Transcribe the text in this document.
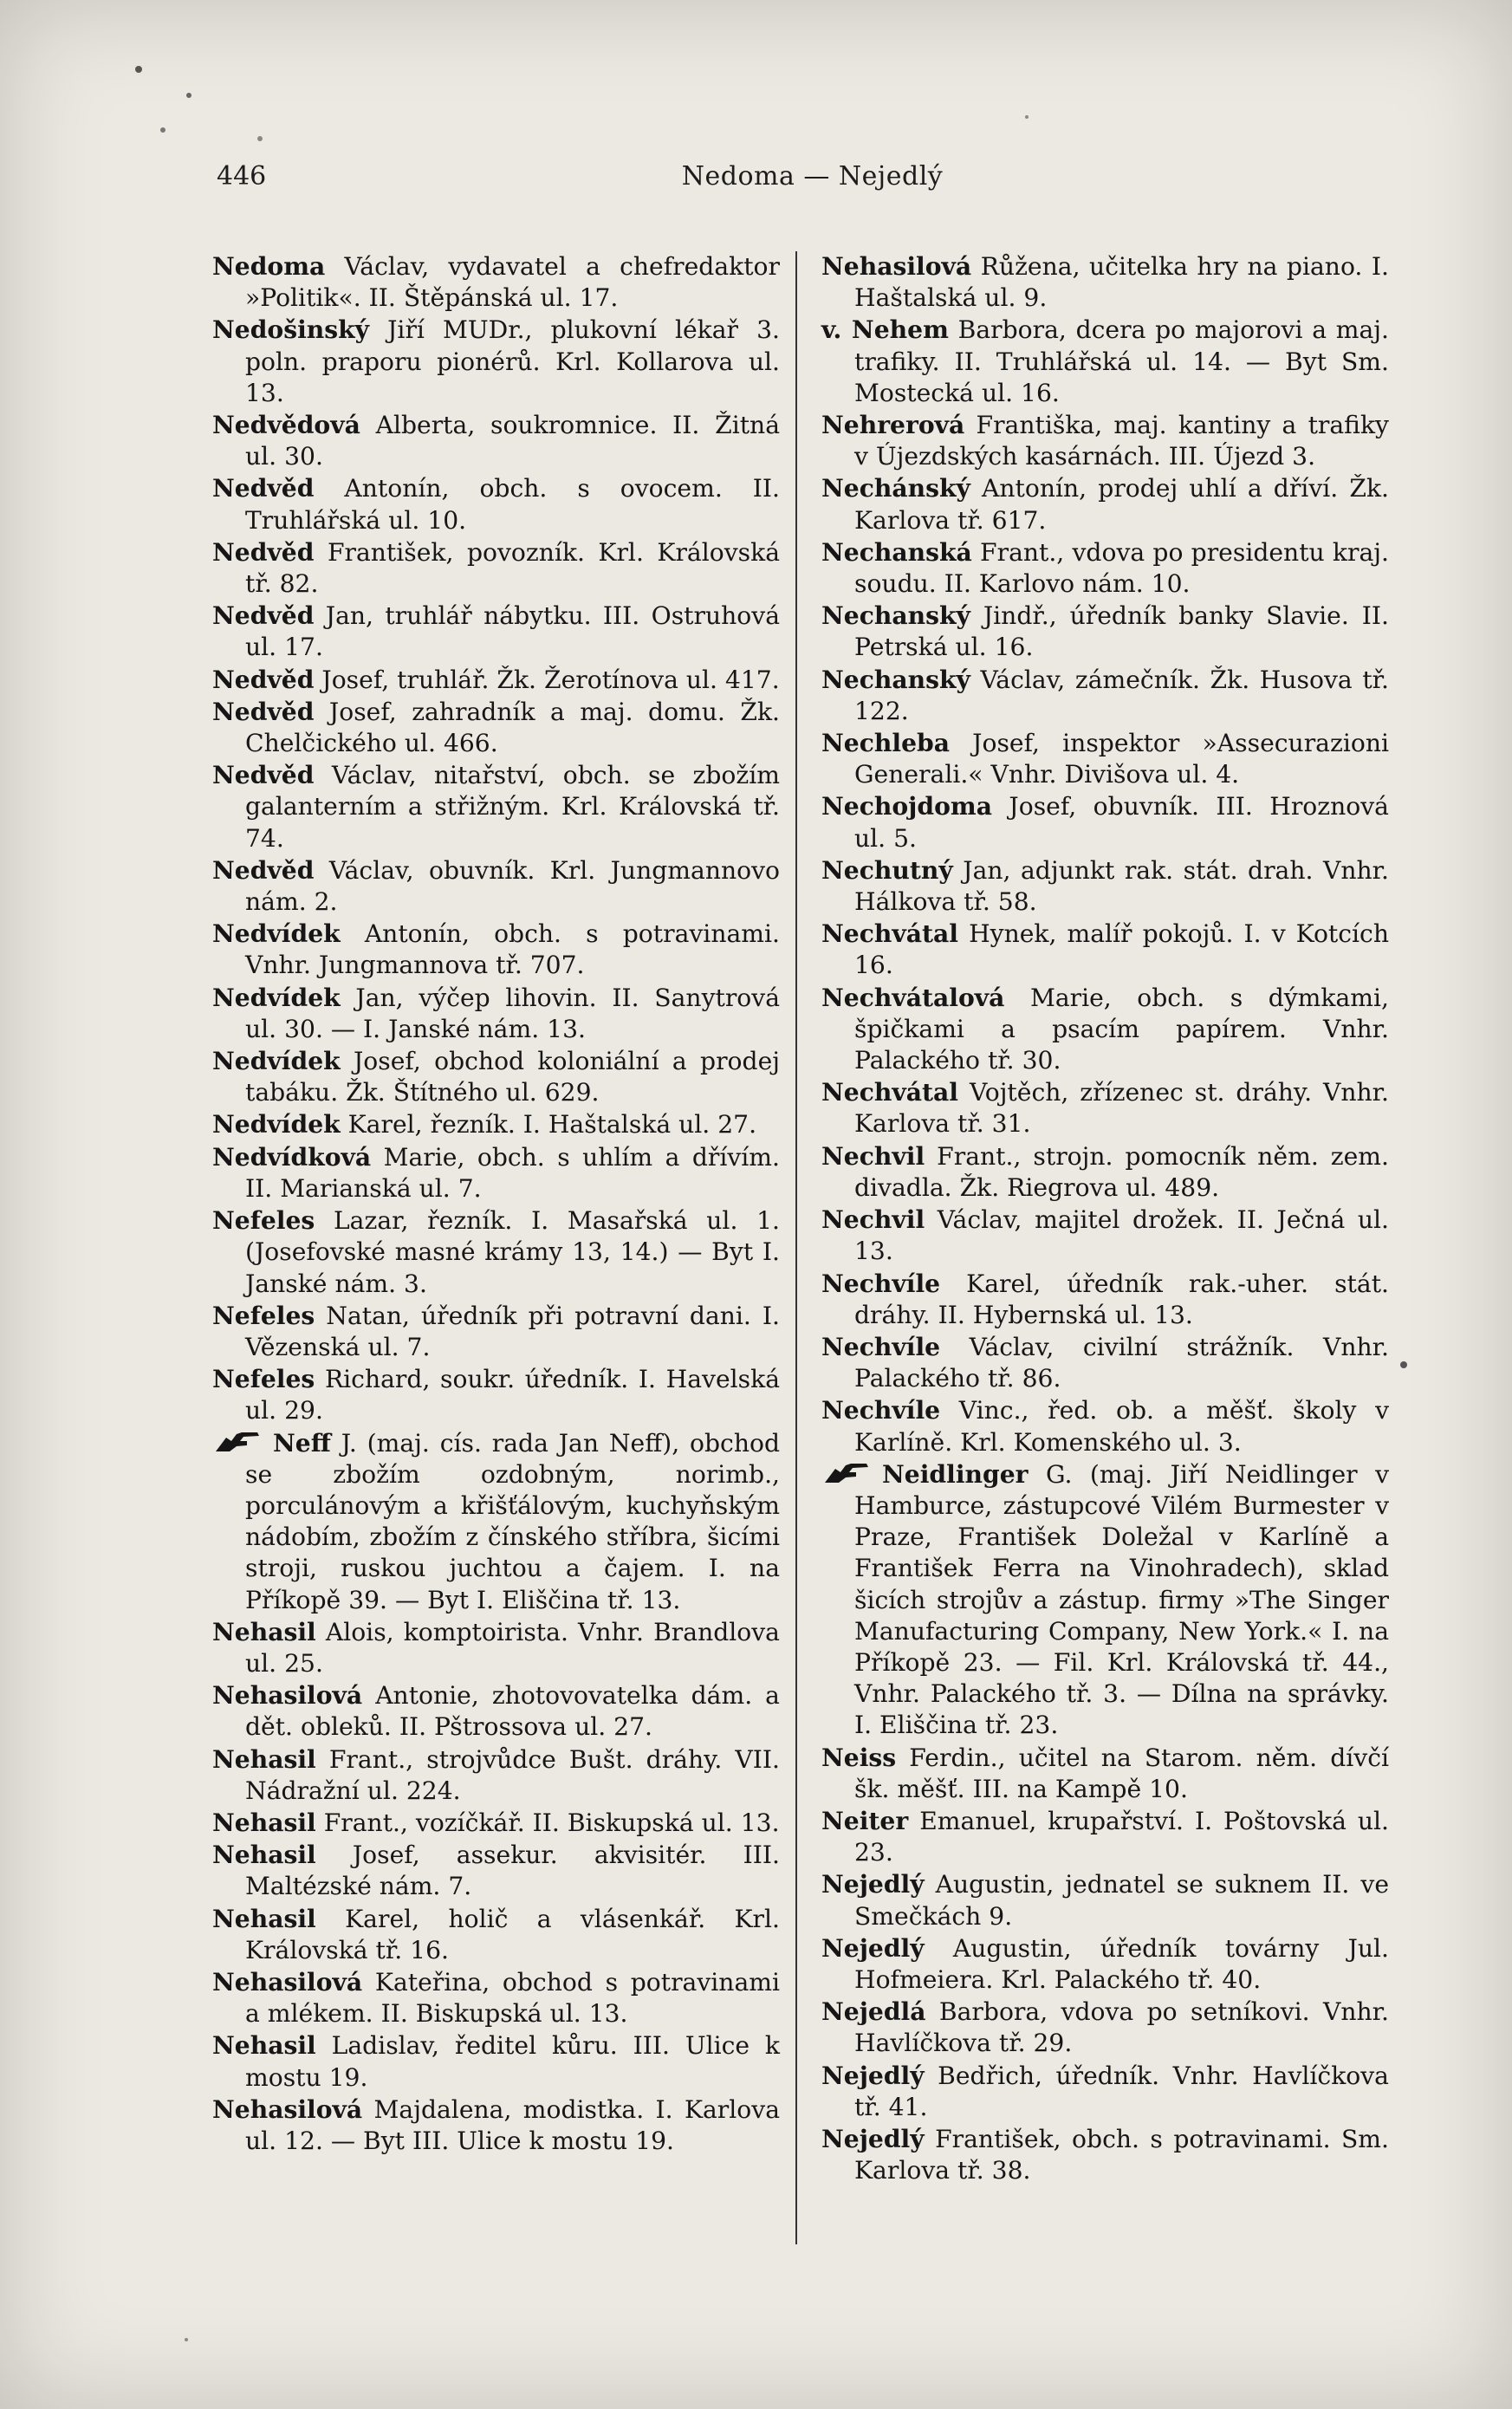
446	Nedoma — Nejedlý

Nedoma Václav, vydavatel a chefredaktor »Politik«. II. Štěpánská ul. 17.

Nedošinský Jiří MUDr., plukovní lékař 3. poln. praporu pionérů. Krl. Kollarova ul. 13.

Nedvědová Alberta, soukromnice. II. Žitná ul. 30.

Nedvěd Antonín, obch. s ovocem. II. Truhlářská ul. 10.

Nedvěd František, povozník. Krl. Královská tř. 82.

Nedvěd Jan, truhlář nábytku. III. Ostruhová ul. 17.

Nedvěd Josef, truhlář. Žk. Žerotínova ul. 417.

Nedvěd Josef, zahradník a maj. domu. Žk. Chelčického ul. 466.

Nedvěd Václav, nitařství, obch. se zbožím galanterním a střižným. Krl. Královská tř. 74.

Nedvěd Václav, obuvník. Krl. Jungmannovo nám. 2.

Nedvídek Antonín, obch. s potravinami. Vnhr. Jungmannova tř. 707.

Nedvídek Jan, výčep lihovin. II. Sanytrová ul. 30. — I. Janské nám. 13.

Nedvídek Josef, obchod koloniální a prodej tabáku. Žk. Štítného ul. 629.

Nedvídek Karel, řezník. I. Haštalská ul. 27.

Nedvídková Marie, obch. s uhlím a dřívím. II. Marianská ul. 7.

Nefeles Lazar, řezník. I. Masařská ul. 1. (Josefovské masné krámy 13, 14.) — Byt I. Janské nám. 3.

Nefeles Natan, úředník při potravní dani. I. Vězenská ul. 7.

Nefeles Richard, soukr. úředník. I. Havelská ul. 29.

Neff J. (maj. cís. rada Jan Neff), obchod se zbožím ozdobným, norimb., porculánovým a křišťálovým, kuchyňským nádobím, zbožím z čínského stříbra, šicími stroji, ruskou juchtou a čajem. I. na Příkopě 39. — Byt I. Eliščina tř. 13.

Nehasil Alois, komptoirista. Vnhr. Brandlova ul. 25.

Nehasilová Antonie, zhotovovatelka dám. a dět. obleků. II. Pštrossova ul. 27.

Nehasil Frant., strojvůdce Bušt. dráhy. VII. Nádražní ul. 224.

Nehasil Frant., vozíčkář. II. Biskupská ul. 13.

Nehasil Josef, assekur. akvisitér. III. Maltézské nám. 7.

Nehasil Karel, holič a vlásenkář. Krl. Královská tř. 16.

Nehasilová Kateřina, obchod s potravinami a mlékem. II. Biskupská ul. 13.

Nehasil Ladislav, ředitel kůru. III. Ulice k mostu 19.

Nehasilová Majdalena, modistka. I. Karlova ul. 12. — Byt III. Ulice k mostu 19.

Nehasilová Růžena, učitelka hry na piano. I. Haštalská ul. 9.

v. Nehem Barbora, dcera po majorovi a maj. trafiky. II. Truhlářská ul. 14. — Byt Sm. Mostecká ul. 16.

Nehrerová Františka, maj. kantiny a trafiky v Újezdských kasárnách. III. Újezd 3.

Nechánský Antonín, prodej uhlí a dříví. Žk. Karlova tř. 617.

Nechanská Frant., vdova po presidentu kraj. soudu. II. Karlovo nám. 10.

Nechanský Jindř., úředník banky Slavie. II. Petrská ul. 16.

Nechanský Václav, zámečník. Žk. Husova tř. 122.

Nechleba Josef, inspektor »Assecurazioni Generali.« Vnhr. Divišova ul. 4.

Nechojdoma Josef, obuvník. III. Hroznová ul. 5.

Nechutný Jan, adjunkt rak. stát. drah. Vnhr. Hálkova tř. 58.

Nechvátal Hynek, malíř pokojů. I. v Kotcích 16.

Nechvátalová Marie, obch. s dýmkami, špičkami a psacím papírem. Vnhr. Palackého tř. 30.

Nechvátal Vojtěch, zřízenec st. dráhy. Vnhr. Karlova tř. 31.

Nechvil Frant., strojn. pomocník něm. zem. divadla. Žk. Riegrova ul. 489.

Nechvil Václav, majitel drožek. II. Ječná ul. 13.

Nechvíle Karel, úředník rak.-uher. stát. dráhy. II. Hybernská ul. 13.

Nechvíle Václav, civilní strážník. Vnhr. Palackého tř. 86.

Nechvíle Vinc., řed. ob. a měšť. školy v Karlíně. Krl. Komenského ul. 3.

Neidlinger G. (maj. Jiří Neidlinger v Hamburce, zástupcové Vilém Burmester v Praze, František Doležal v Karlíně a František Ferra na Vinohradech), sklad šicích strojův a zástup. firmy »The Singer Manufacturing Company, New York.« I. na Příkopě 23. — Fil. Krl. Královská tř. 44., Vnhr. Palackého tř. 3. — Dílna na správky. I. Eliščina tř. 23.

Neiss Ferdin., učitel na Starom. něm. dívčí šk. měšť. III. na Kampě 10.

Neiter Emanuel, krupařství. I. Poštovská ul. 23.

Nejedlý Augustin, jednatel se suknem II. ve Smečkách 9.

Nejedlý Augustin, úředník továrny Jul. Hofmeiera. Krl. Palackého tř. 40.

Nejedlá Barbora, vdova po setníkovi. Vnhr. Havlíčkova tř. 29.

Nejedlý Bedřich, úředník. Vnhr. Havlíčkova tř. 41.

Nejedlý František, obch. s potravinami. Sm. Karlova tř. 38.
